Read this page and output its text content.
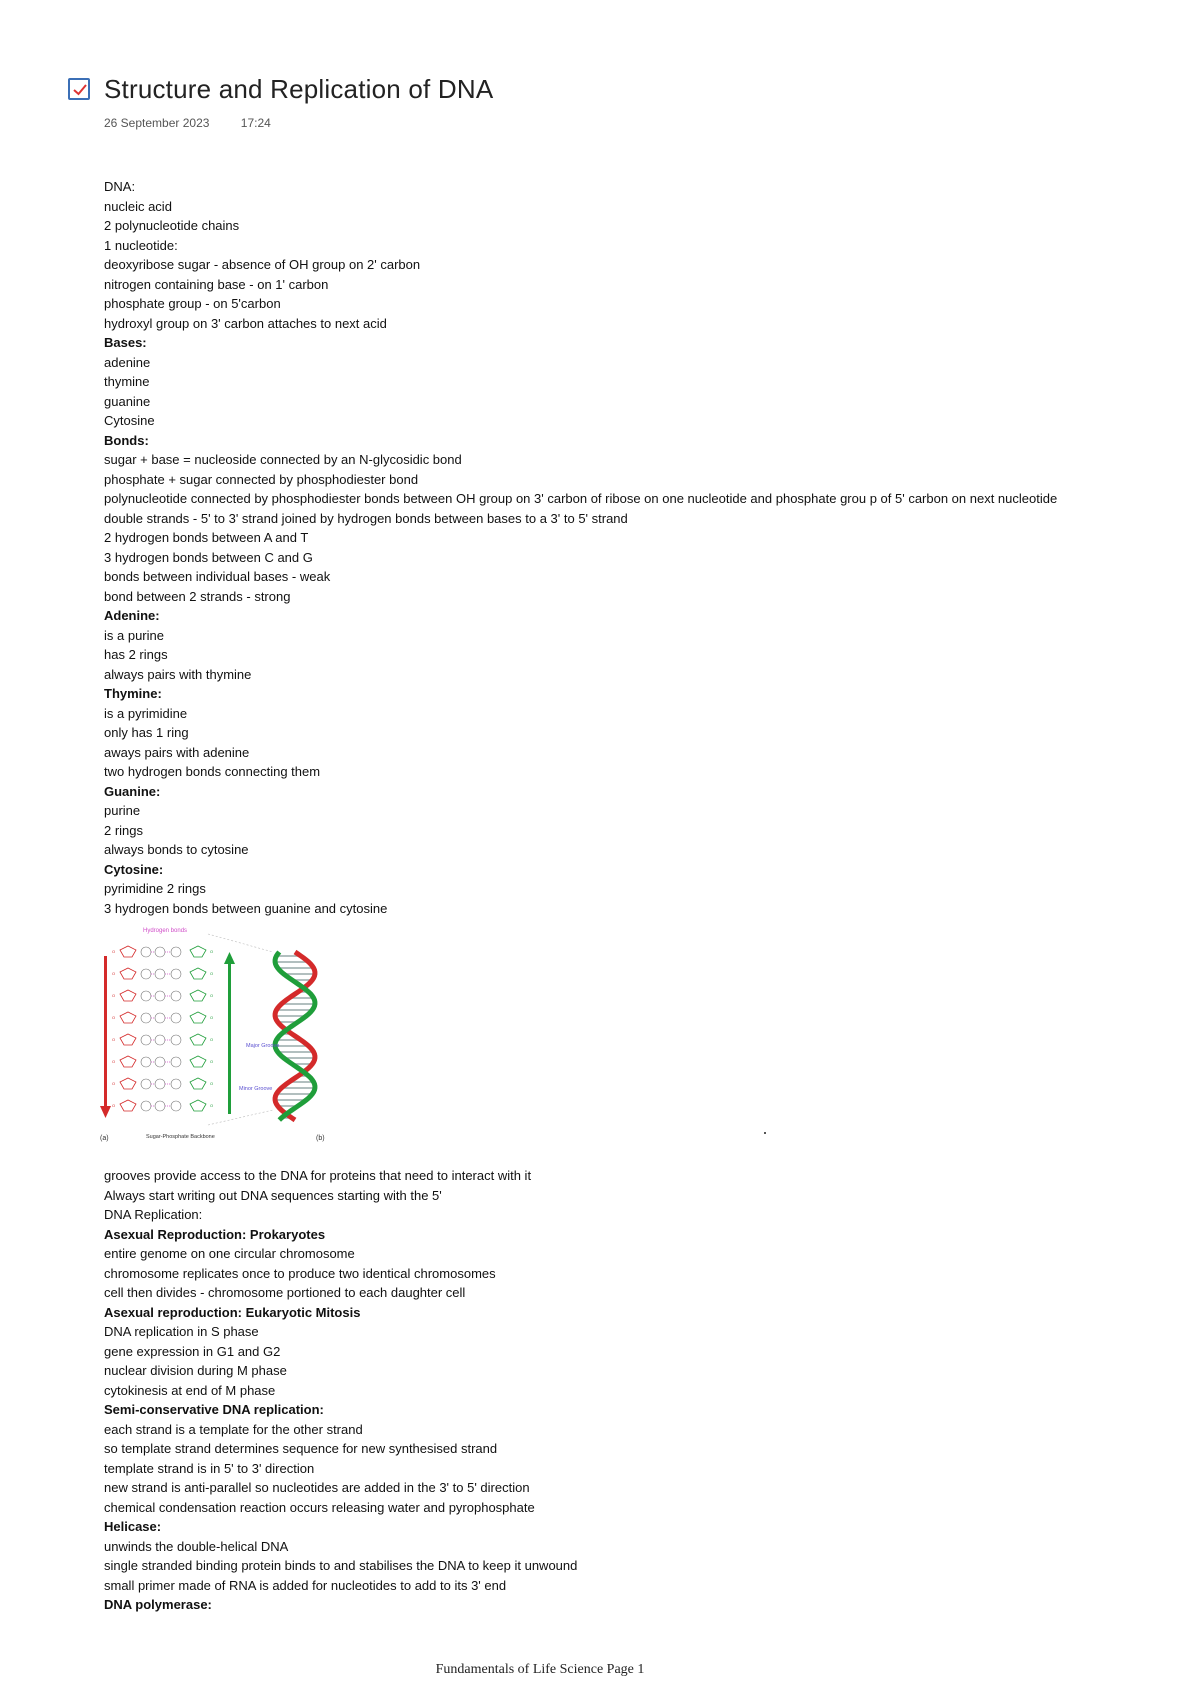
Structure and Replication of DNA
26 September 2023	17:24
DNA:
nucleic acid
2 polynucleotide chains
1 nucleotide:
deoxyribose sugar - absence of OH group on 2' carbon
nitrogen containing base - on 1' carbon
phosphate group - on 5'carbon
hydroxyl group on 3' carbon attaches to next acid
Bases:
adenine
thymine
guanine
Cytosine
Bonds:
sugar + base = nucleoside connected by an N-glycosidic bond
phosphate + sugar connected by phosphodiester bond
polynucleotide connected by phosphodiester bonds between OH group on 3' carbon of ribose on one nucleotide and phosphate grou p of 5' carbon on next nucleotide
double strands - 5' to 3' strand joined by hydrogen bonds between bases to a 3' to 5' strand
2 hydrogen bonds between A and T
3 hydrogen bonds between C and G
bonds between individual bases - weak
bond between 2 strands - strong
Adenine:
is a purine
has 2 rings
always pairs with thymine
Thymine:
is a pyrimidine
only has 1 ring
aways pairs with adenine
two hydrogen bonds connecting them
Guanine:
purine
2 rings
always bonds to cytosine
Cytosine:
pyrimidine 2 rings
3 hydrogen bonds between guanine and cytosine
O	O
O	O
O	O
O	O
O	O
O	O
O	O
O	O
Hydrogen bonds
Sugar-Phosphate Backbone
(a)
Major Groove
Minor Groove
(b)
grooves provide access to the DNA for proteins that need to interact with it
Always start writing out DNA sequences starting with the 5'
DNA Replication:
Asexual Reproduction: Prokaryotes
entire genome on one circular chromosome
chromosome replicates once to produce two identical chromosomes
cell then divides - chromosome portioned to each daughter cell
Asexual reproduction: Eukaryotic Mitosis
DNA replication in S phase
gene expression in G1 and G2
nuclear division during M phase
cytokinesis at end of M phase
Semi-conservative DNA replication:
each strand is a template for the other strand
so template strand determines sequence for new synthesised strand
template strand is in 5' to 3' direction
new strand is anti-parallel so nucleotides are added in the 3' to 5' direction
chemical condensation reaction occurs releasing water and pyrophosphate
Helicase:
unwinds the double-helical DNA
single stranded binding protein binds to and stabilises the DNA to keep it unwound
small primer made of RNA is added for nucleotides to add to its 3' end
DNA polymerase:
Fundamentals of Life Science Page 1
